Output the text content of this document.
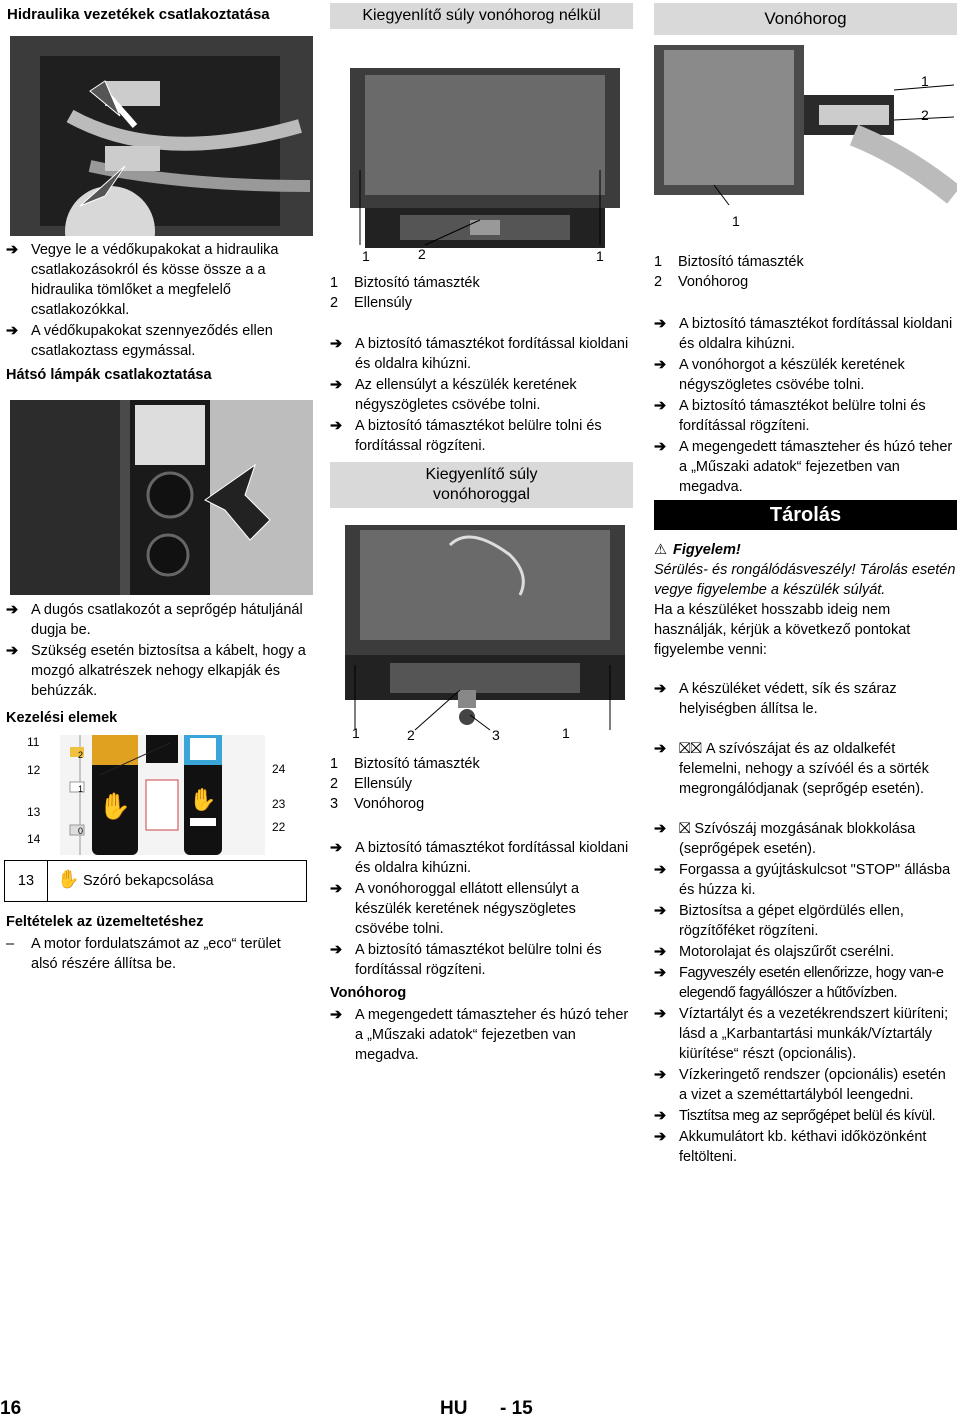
Hidraulika vezetékek csatlakoztatása
➔ Vegye le a védőkupakokat a hidraulika csatlakozásokról és kösse össze a a hidraulika tömlőket a megfelelő csatlakozókkal.
➔ A védőkupakokat szennyeződés ellen csatlakoztass egymással.
Hátsó lámpák csatlakoztatása
➔ A dugós csatlakozót a seprőgép hátuljánál dugja be.
➔ Szükség esetén biztosítsa a kábelt, hogy a mozgó alkatrészek nehogy elkapják és behúzzák.
Kezelési elemek
11
12
13
14
24
23
22
✋	✋
2
1
0
13	✋ Szóró bekapcsolása
Feltételek az üzemeltetéshez
– A motor fordulatszámot az „eco“ terület alsó részére állítsa be.
Kiegyenlítő súly vonóhorog nélkül
1	2	1
1 Biztosító támaszték
2 Ellensúly
➔ A biztosító támasztékot fordítással kioldani és oldalra kihúzni.
➔ Az ellensúlyt a készülék keretének négyszögletes csövébe tolni.
➔ A biztosító támasztékot belülre tolni és fordítással rögzíteni.
Kiegyenlítő súly vonóhoroggal
1	2	3	1
1 Biztosító támaszték
2 Ellensúly
3 Vonóhorog
➔ A biztosító támasztékot fordítással kioldani és oldalra kihúzni.
➔ A vonóhoroggal ellátott ellensúlyt a készülék keretének négyszögletes csövébe tolni.
➔ A biztosító támasztékot belülre tolni és fordítással rögzíteni.
Vonóhorog
➔ A megengedett támaszteher és húzó teher a „Műszaki adatok“ fejezetben van megadva.
Vonóhorog
1
2
1
1 Biztosító támaszték
2 Vonóhorog
➔ A biztosító támasztékot fordítással kioldani és oldalra kihúzni.
➔ A vonóhorgot a készülék keretének négyszögletes csövébe tolni.
➔ A biztosító támasztékot belülre tolni és fordítással rögzíteni.
➔ A megengedett támaszteher és húzó teher a „Műszaki adatok“ fejezetben van megadva.
Tárolás
⚠ Figyelem!
Sérülés- és rongálódásveszély! Tárolás esetén vegye figyelembe a készülék súlyát.
Ha a készüléket hosszabb ideig nem használják, kérjük a következő pontokat figyelembe venni:
➔ A készüléket védett, sík és száraz helyiségben állítsa le.
➔ ⛝⛝ A szívószájat és az oldalkefét felemelni, nehogy a szívóél és a sörték megrongálódjanak (seprőgép esetén).
➔ ⛝ Szívószáj mozgásának blokkolása (seprőgépek esetén).
➔ Forgassa a gyújtáskulcsot "STOP" állásba és húzza ki.
➔ Biztosítsa a gépet elgördülés ellen, rögzítőféket rögzíteni.
➔ Motorolajat és olajszűrőt cserélni.
➔ Fagyveszély esetén ellenőrizze, hogy van-e elegendő fagyállószer a hűtővízben.
➔ Víztartályt és a vezetékrendszert kiüríteni; lásd a „Karbantartási munkák/Víztartály kiürítése“ részt (opcionális).
➔ Vízkeringető rendszer (opcionális) esetén a vizet a szeméttartályból leengedni.
➔ Tisztítsa meg az seprőgépet belül és kívül.
➔ Akkumulátort kb. kéthavi időközönként feltölteni.
16	HU - 15
